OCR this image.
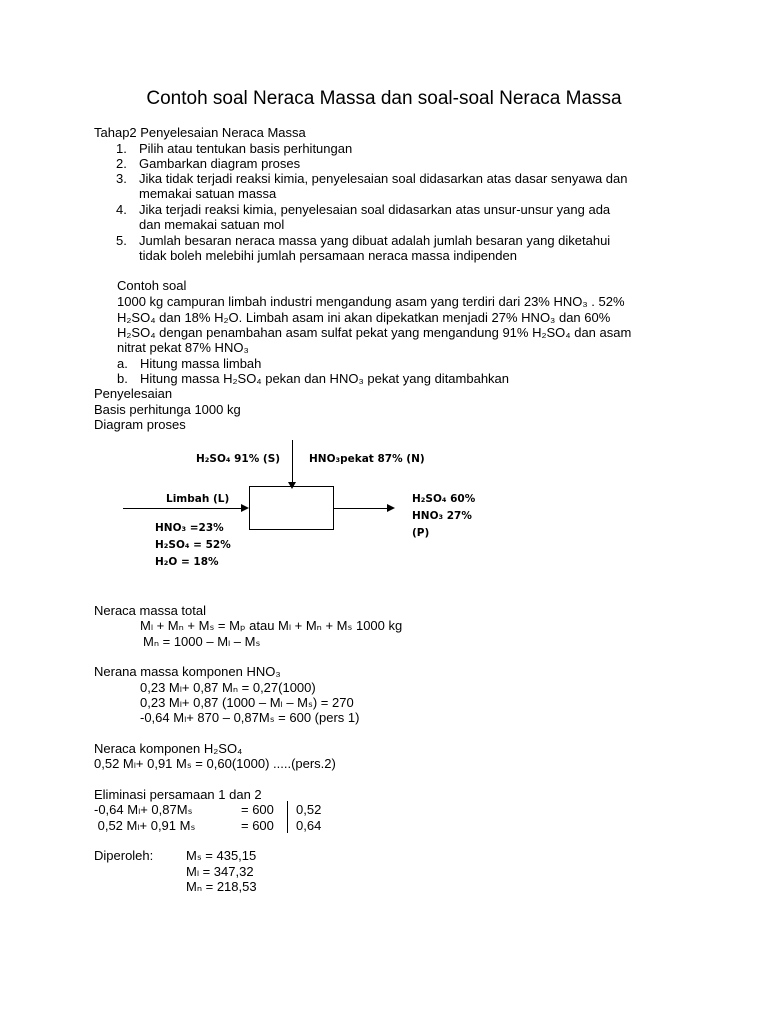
Contoh soal Neraca Massa dan soal-soal Neraca Massa
Tahap2 Penyelesaian Neraca Massa
1. Pilih atau tentukan basis perhitungan
2. Gambarkan diagram proses
3. Jika tidak terjadi reaksi kimia, penyelesaian soal didasarkan atas dasar senyawa dan
memakai satuan massa
4. Jika terjadi reaksi kimia, penyelesaian soal didasarkan atas unsur-unsur yang ada
dan memakai satuan mol
5. Jumlah besaran neraca massa yang dibuat adalah jumlah besaran yang diketahui
tidak boleh melebihi jumlah persamaan neraca massa indipenden
Contoh soal
1000 kg campuran limbah industri mengandung asam yang terdiri dari 23% HNO₃ . 52%
H₂SO₄ dan 18% H₂O. Limbah asam ini akan dipekatkan menjadi 27% HNO₃ dan 60%
H₂SO₄ dengan penambahan asam sulfat pekat yang mengandung 91% H₂SO₄ dan asam
nitrat pekat 87% HNO₃
a. Hitung massa limbah
b. Hitung massa H₂SO₄ pekan dan HNO₃ pekat yang ditambahkan
Penyelesaian
Basis perhitunga 1000 kg
Diagram proses
H₂SO₄ 91% (S)	HNO₃pekat 87% (N)
Limbah (L)
HNO₃ =23%
H₂SO₄ = 52%
H₂O = 18%
H₂SO₄ 60%
HNO₃ 27%
(P)
Neraca massa total
Mₗ + Mₙ + Mₛ = Mₚ atau Mₗ + Mₙ + Mₛ 1000 kg
Mₙ = 1000 – Mₗ – Mₛ
Nerana massa komponen HNO₃
0,23 Mₗ+ 0,87 Mₙ = 0,27(1000)
0,23 Mₗ+ 0,87 (1000 – Mₗ – Mₛ) = 270
-0,64 Mₗ+ 870 – 0,87Mₛ = 600 (pers 1)
Neraca komponen H₂SO₄
0,52 Mₗ+ 0,91 Mₛ = 0,60(1000) .....(pers.2)
Eliminasi persamaan 1 dan 2
-0,64 Mₗ+ 0,87Mₛ	= 600 0,52
0,52 Mₗ+ 0,91 Mₛ	= 600 0,64
Diperoleh:	Mₛ = 435,15
Mₗ = 347,32
Mₙ = 218,53
